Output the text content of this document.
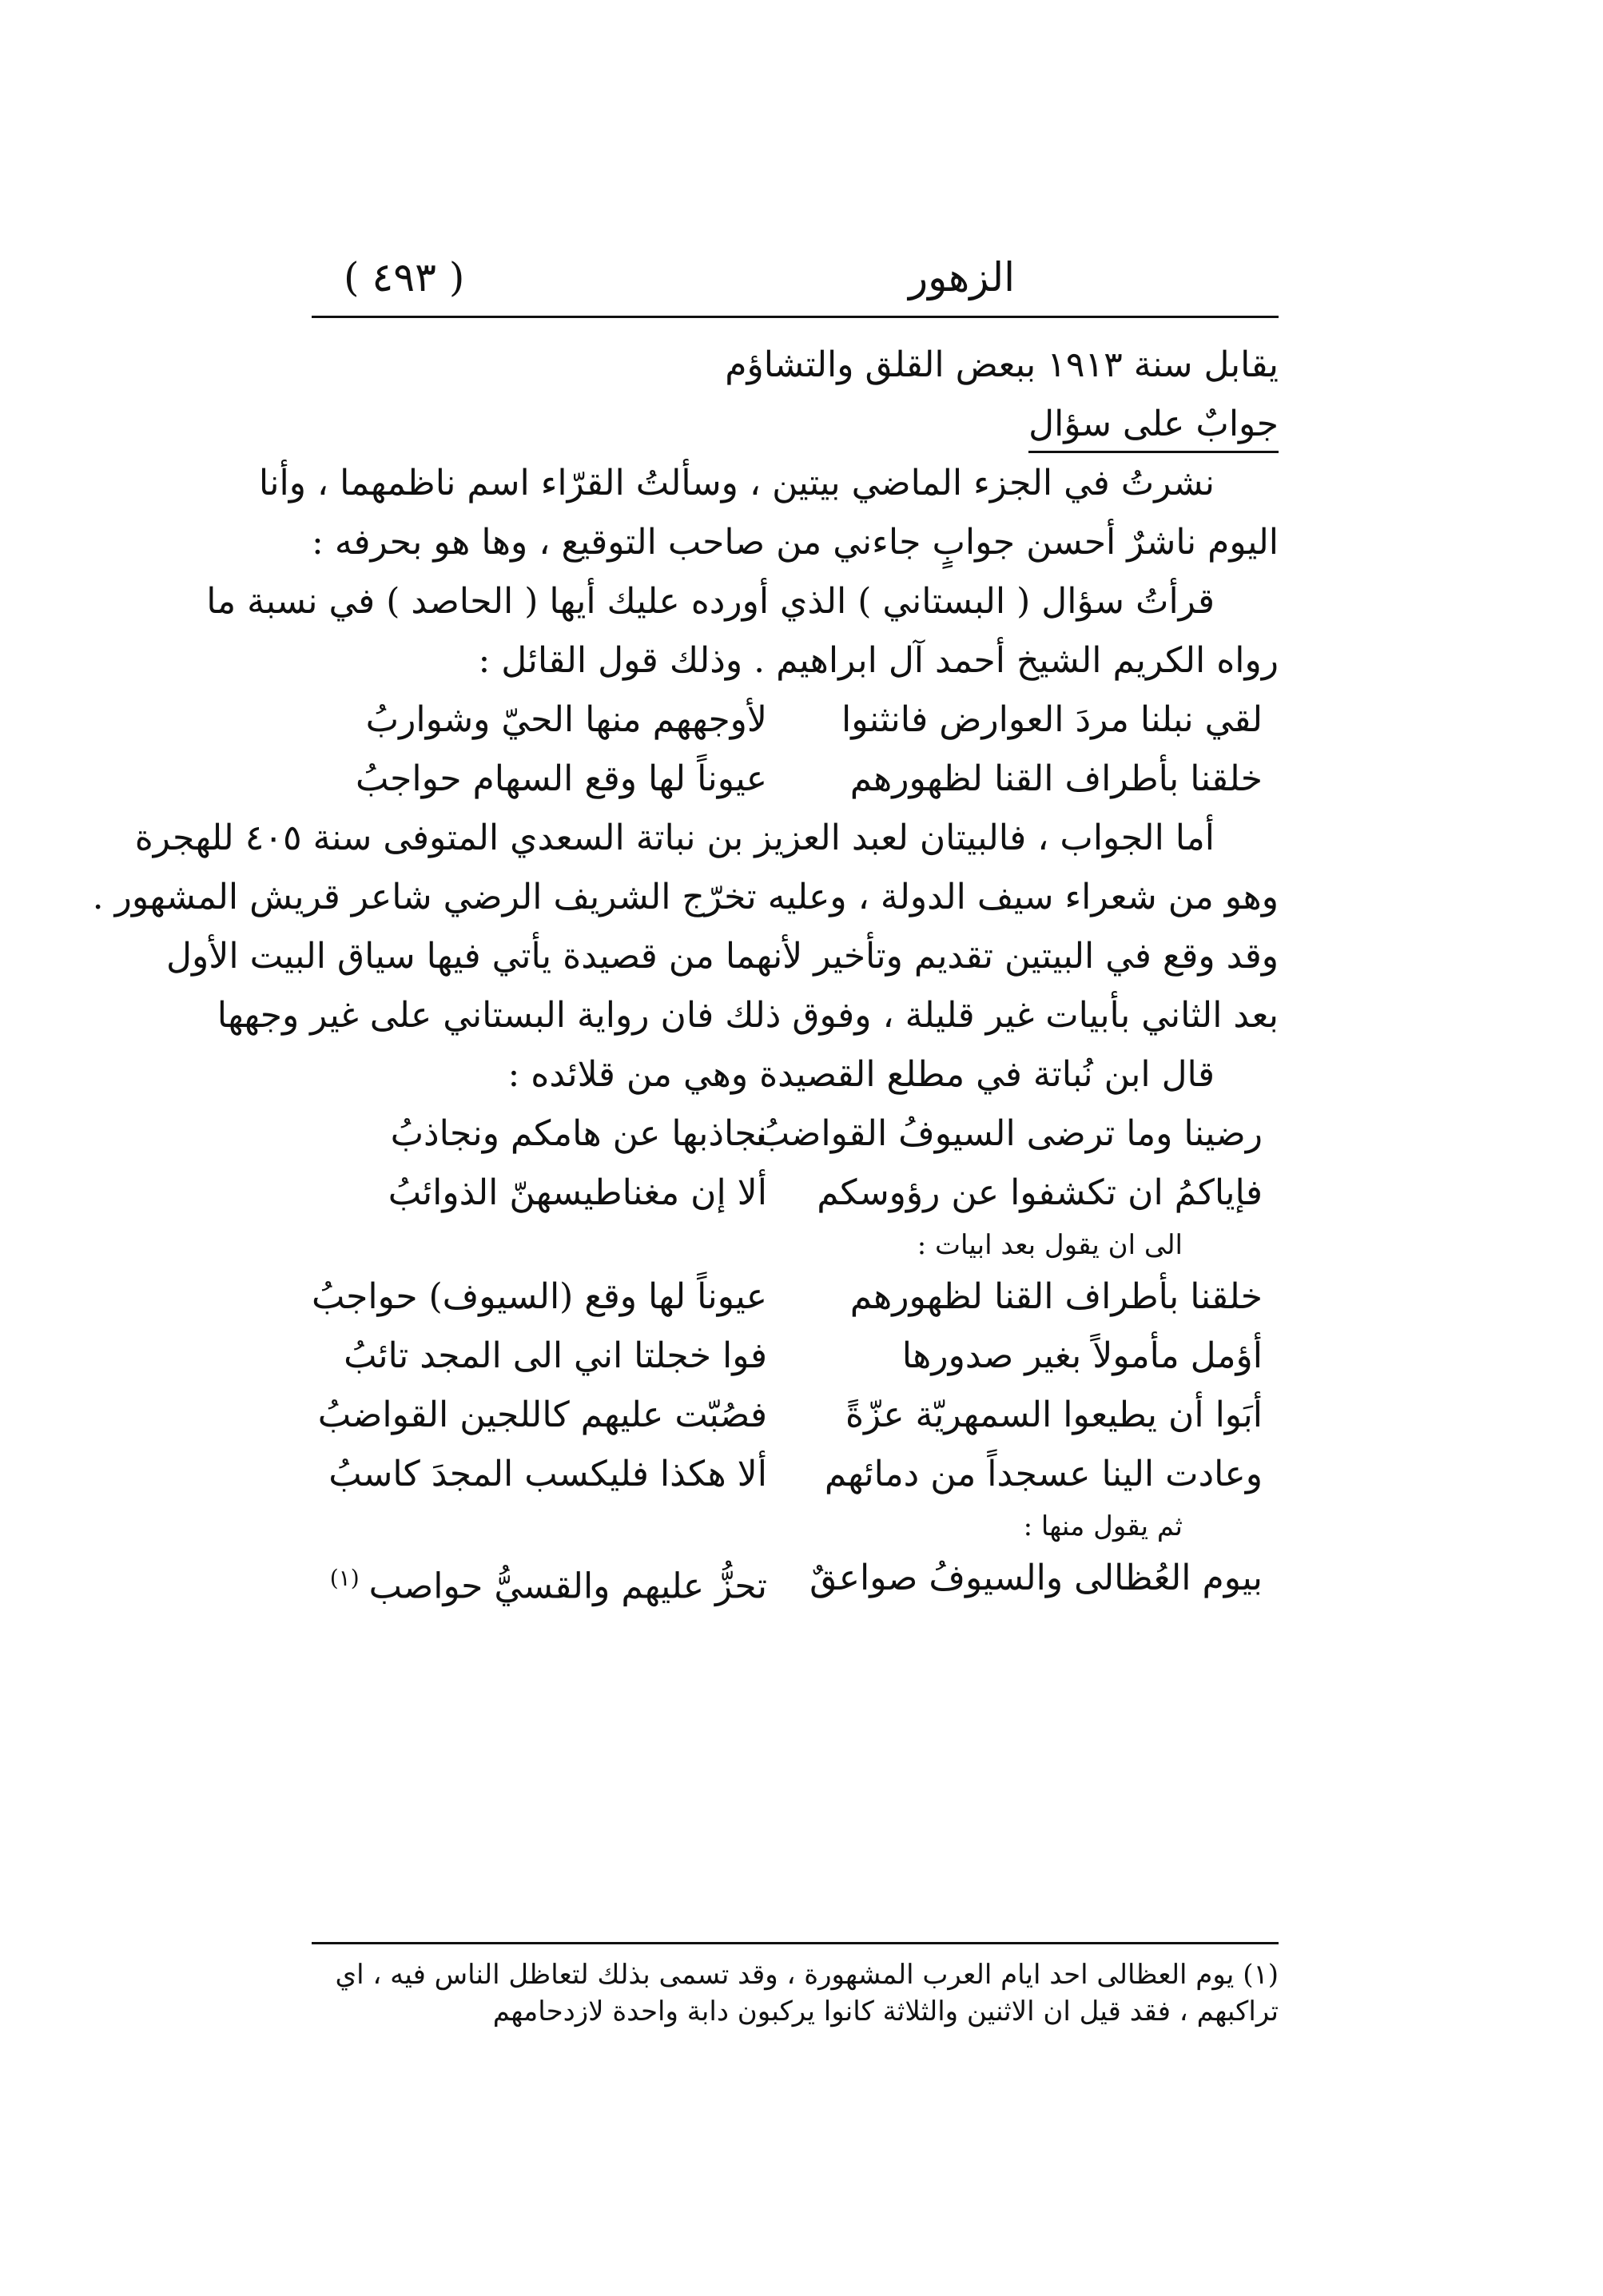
الزهور
( ٤٩٣ )
يقابل سنة ١٩١٣ ببعض القلق والتشاؤم
جوابٌ على سؤال
نشرتُ في الجزء الماضي بيتين ، وسألتُ القرّاء اسم ناظمهما ، وأنا
اليوم ناشرٌ أحسن جوابٍ جاءني من صاحب التوقيع ، وها هو بحرفه :
قرأتُ سؤال ( البستاني ) الذي أورده عليك أيها ( الحاصد ) في نسبة ما
رواه الكريم الشيخ أحمد آل ابراهيم . وذلك قول القائل :
لقي نبلنا مردَ العوارض فانثنوا
لأوجههم منها الحيّ وشواربُ
خلقنا بأطراف القنا لظهورهم
عيوناً لها وقع السهام حواجبُ
أما الجواب ، فالبيتان لعبد العزيز بن نباتة السعدي المتوفى سنة ٤٠٥ للهجرة
وهو من شعراء سيف الدولة ، وعليه تخرّج الشريف الرضي شاعر قريش المشهور .
وقد وقع في البيتين تقديم وتأخير لأنهما من قصيدة يأتي فيها سياق البيت الأول
بعد الثاني بأبيات غير قليلة ، وفوق ذلك فان رواية البستاني على غير وجهها
قال ابن نُباتة في مطلع القصيدة وهي من قلائده :
رضينا وما ترضى السيوفُ القواضبُ
نجاذبها عن هامكم ونجاذبُ
فإياكمُ ان تكشفوا عن رؤوسكم
ألا إن مغناطيسهنّ الذوائبُ
الى ان يقول بعد ابيات :
خلقنا بأطراف القنا لظهورهم
عيوناً لها وقع (السيوف) حواجبُ
أؤمل مأمولاً بغير صدورها
فوا خجلتا اني الى المجد تائبُ
أبَوا أن يطيعوا السمهريّة عزّةً
فصُبّت عليهم كاللجين القواضبُ
وعادت الينا عسجداً من دمائهم
ألا هكذا فليكسب المجدَ كاسبُ
ثم يقول منها :
بيوم العُظالى والسيوفُ صواعقٌ
تحزُّ عليهم والقسيُّ حواصب$^{(١)}$
(١) يوم العظالى احد ايام العرب المشهورة ، وقد تسمى بذلك لتعاظل الناس فيه ، اي
تراكبهم ، فقد قيل ان الاثنين والثلاثة كانوا يركبون دابة واحدة لازدحامهم
